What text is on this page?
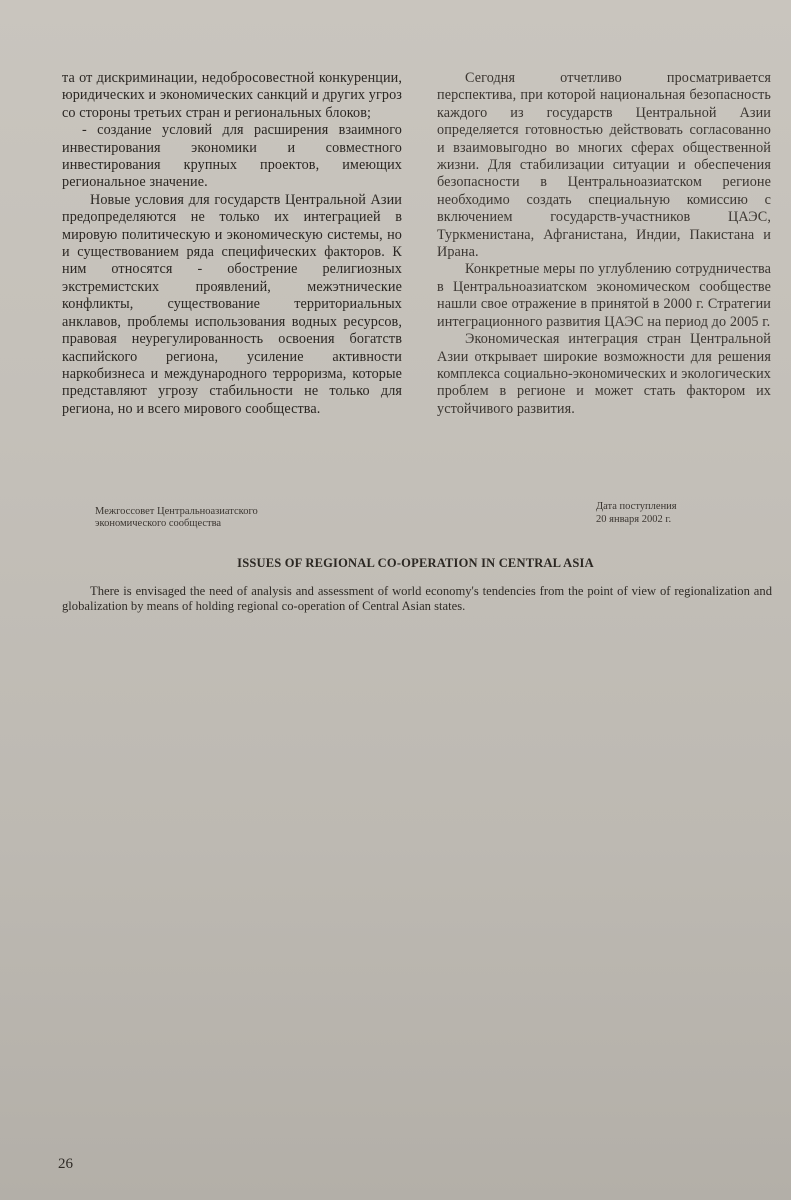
та от дискриминации, недобросовестной конкуренции, юридических и экономических санкций и других угроз со стороны третьих стран и региональных блоков;

- создание условий для расширения взаимного инвестирования экономики и совместного инвестирования крупных проектов, имеющих региональное значение.

Новые условия для государств Центральной Азии предопределяются не только их интеграцией в мировую политическую и экономическую системы, но и существованием ряда специфических факторов. К ним относятся - обострение религиозных экстремистских проявлений, межэтнические конфликты, существование территориальных анклавов, проблемы использования водных ресурсов, правовая неурегулированность освоения богатств каспийского региона, усиление активности наркобизнеса и международного терроризма, которые представляют угрозу стабильности не только для региона, но и всего мирового сообщества.

Сегодня отчетливо просматривается перспектива, при которой национальная безопасность каждого из государств Центральной Азии определяется готовностью действовать согласованно и взаимовыгодно во многих сферах общественной жизни. Для стабилизации ситуации и обеспечения безопасности в Центральноазиатском регионе необходимо создать специальную комиссию с включением государств-участников ЦАЭС, Туркменистана, Афганистана, Индии, Пакистана и Ирана.

Конкретные меры по углублению сотрудничества в Центральноазиатском экономическом сообществе нашли свое отражение в принятой в 2000 г. Стратегии интеграционного развития ЦАЭС на период до 2005 г.

Экономическая интеграция стран Центральной Азии открывает широкие возможности для решения комплекса социально-экономических и экологических проблем в регионе и может стать фактором их устойчивого развития.

Межгоссовет Центральноазиатского
экономического сообщества
Дата поступления
20 января 2002 г.
ISSUES OF REGIONAL CO-OPERATION IN CENTRAL ASIA

There is envisaged the need of analysis and assessment of world economy's tendencies from the point of view of regionalization and globalization by means of holding regional co-operation of Central Asian states.

26
